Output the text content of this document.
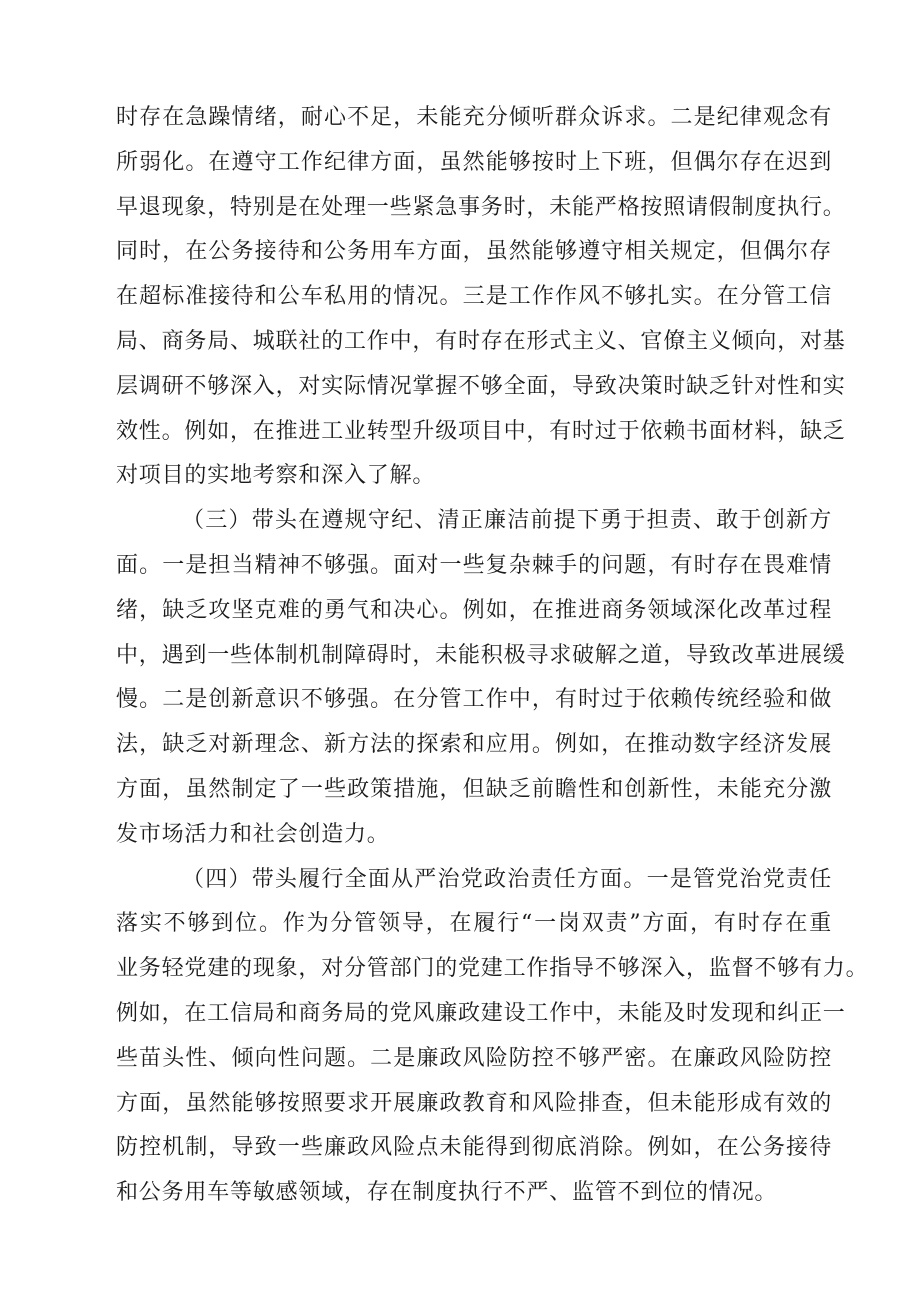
时存在急躁情绪，耐心不足，未能充分倾听群众诉求。二是纪律观念有
所弱化。在遵守工作纪律方面，虽然能够按时上下班，但偶尔存在迟到
早退现象，特别是在处理一些紧急事务时，未能严格按照请假制度执行。
同时，在公务接待和公务用车方面，虽然能够遵守相关规定，但偶尔存
在超标准接待和公车私用的情况。三是工作作风不够扎实。在分管工信
局、商务局、城联社的工作中，有时存在形式主义、官僚主义倾向，对基
层调研不够深入，对实际情况掌握不够全面，导致决策时缺乏针对性和实
效性。例如，在推进工业转型升级项目中，有时过于依赖书面材料，缺乏
对项目的实地考察和深入了解。
（三）带头在遵规守纪、清正廉洁前提下勇于担责、敢于创新方
面。一是担当精神不够强。面对一些复杂棘手的问题，有时存在畏难情
绪，缺乏攻坚克难的勇气和决心。例如，在推进商务领域深化改革过程
中，遇到一些体制机制障碍时，未能积极寻求破解之道，导致改革进展缓
慢。二是创新意识不够强。在分管工作中，有时过于依赖传统经验和做
法，缺乏对新理念、新方法的探索和应用。例如，在推动数字经济发展
方面，虽然制定了一些政策措施，但缺乏前瞻性和创新性，未能充分激
发市场活力和社会创造力。
（四）带头履行全面从严治党政治责任方面。一是管党治党责任
落实不够到位。作为分管领导，在履行“一岗双责”方面，有时存在重
业务轻党建的现象，对分管部门的党建工作指导不够深入，监督不够有力。
例如，在工信局和商务局的党风廉政建设工作中，未能及时发现和纠正一
些苗头性、倾向性问题。二是廉政风险防控不够严密。在廉政风险防控
方面，虽然能够按照要求开展廉政教育和风险排查，但未能形成有效的
防控机制，导致一些廉政风险点未能得到彻底消除。例如，在公务接待
和公务用车等敏感领域，存在制度执行不严、监管不到位的情况。
